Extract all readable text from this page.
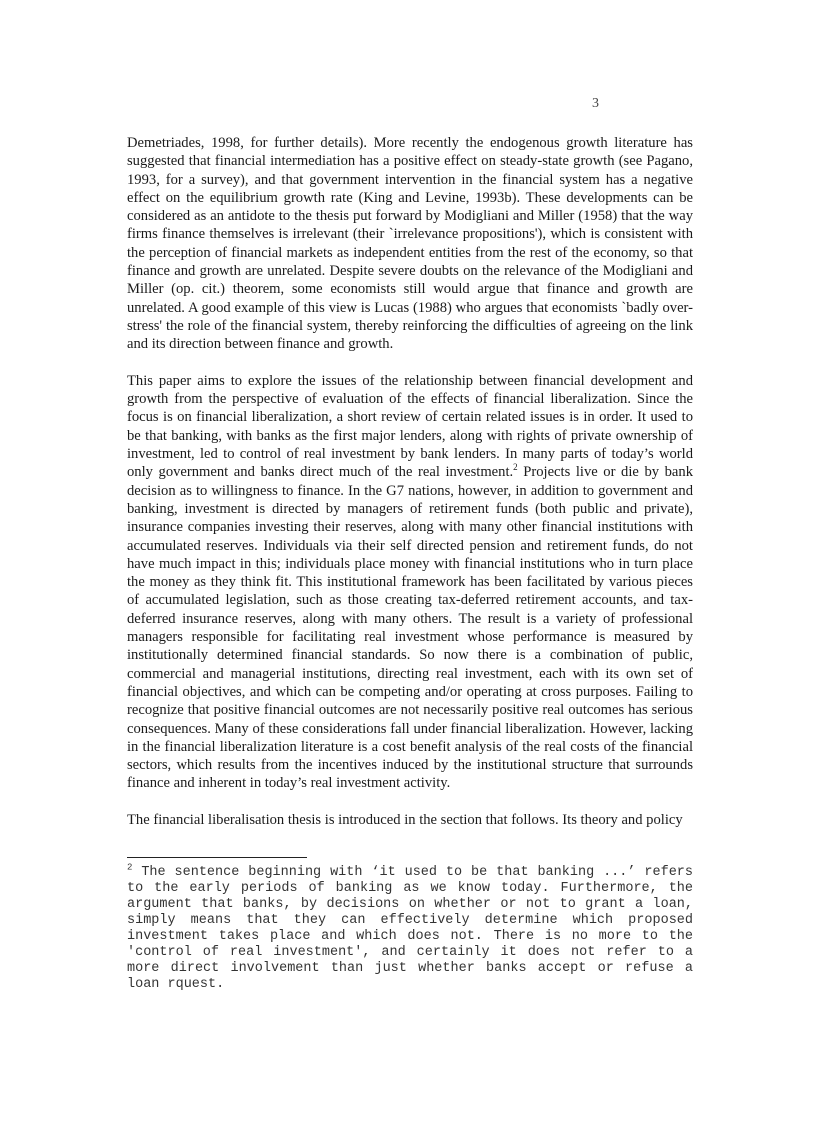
3

Demetriades, 1998, for further details). More recently the endogenous growth literature has suggested that financial intermediation has a positive effect on steady-state growth (see Pagano, 1993, for a survey), and that government intervention in the financial system has a negative effect on the equilibrium growth rate (King and Levine, 1993b). These developments can be considered as an antidote to the thesis put forward by Modigliani and Miller (1958) that the way firms finance themselves is irrelevant (their `irrelevance propositions'), which is consistent with the perception of financial markets as independent entities from the rest of the economy, so that finance and growth are unrelated. Despite severe doubts on the relevance of the Modigliani and Miller (op. cit.) theorem, some economists still would argue that finance and growth are unrelated. A good example of this view is Lucas (1988) who argues that economists `badly over-stress' the role of the financial system, thereby reinforcing the difficulties of agreeing on the link and its direction between finance and growth.

This paper aims to explore the issues of the relationship between financial development and growth from the perspective of evaluation of the effects of financial liberalization. Since the focus is on financial liberalization, a short review of certain related issues is in order. It used to be that banking, with banks as the first major lenders, along with rights of private ownership of investment, led to control of real investment by bank lenders. In many parts of today’s world only government and banks direct much of the real investment.$^2$ Projects live or die by bank decision as to willingness to finance. In the G7 nations, however, in addition to government and banking, investment is directed by managers of retirement funds (both public and private), insurance companies investing their reserves, along with many other financial institutions with accumulated reserves. Individuals via their self directed pension and retirement funds, do not have much impact in this; individuals place money with financial institutions who in turn place the money as they think fit. This institutional framework has been facilitated by various pieces of accumulated legislation, such as those creating tax-deferred retirement accounts, and tax-deferred insurance reserves, along with many others. The result is a variety of professional managers responsible for facilitating real investment whose performance is measured by institutionally determined financial standards. So now there is a combination of public, commercial and managerial institutions, directing real investment, each with its own set of financial objectives, and which can be competing and/or operating at cross purposes. Failing to recognize that positive financial outcomes are not necessarily positive real outcomes has serious consequences. Many of these considerations fall under financial liberalization. However, lacking in the financial liberalization literature is a cost benefit analysis of the real costs of the financial sectors, which results from the incentives induced by the institutional structure that surrounds finance and inherent in today’s real investment activity.

The financial liberalisation thesis is introduced in the section that follows. Its theory and policy

$^2$ The sentence beginning with ‘it used to be that banking ...’ refers to the early periods of banking as we know today. Furthermore, the argument that banks, by decisions on whether or not to grant a loan, simply means that they can effectively determine which proposed investment takes place and which does not. There is no more to the 'control of real investment', and certainly it does not refer to a more direct involvement than just whether banks accept or refuse a loan rquest.
